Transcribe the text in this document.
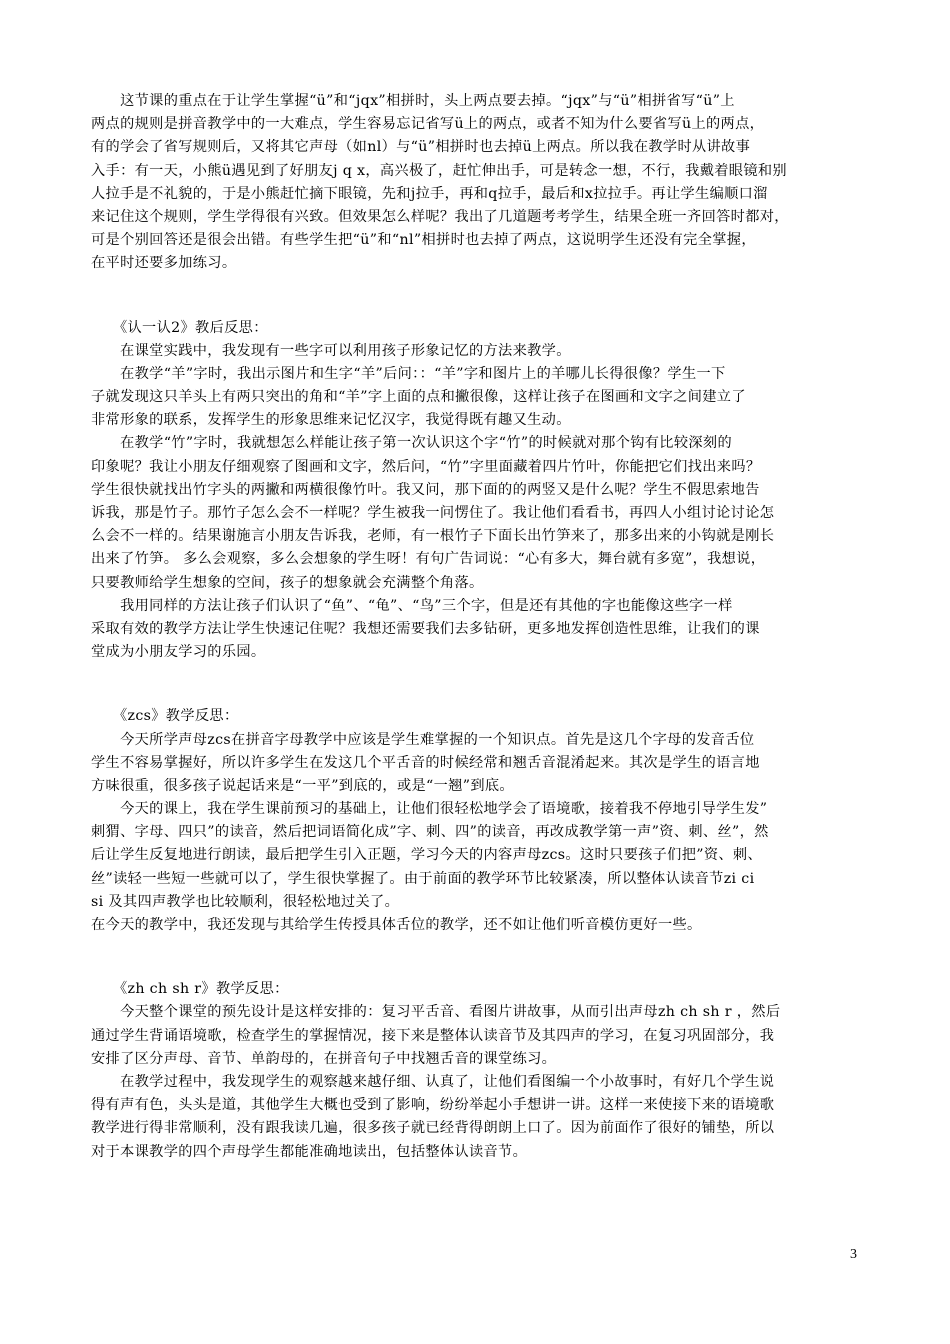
　　这节课的重点在于让学生掌握“ü”和“jqx”相拼时，头上两点要去掉。“jqx”与“ü”相拼省写“ü”上
两点的规则是拼音教学中的一大难点，学生容易忘记省写ü上的两点，或者不知为什么要省写ü上的两点，
有的学会了省写规则后，又将其它声母（如nl）与“ü”相拼时也去掉ü上两点。所以我在教学时从讲故事
入手：有一天，小熊ü遇见到了好朋友j q x，高兴极了，赶忙伸出手，可是转念一想，不行，我戴着眼镜和别
人拉手是不礼貌的，于是小熊赶忙摘下眼镜，先和j拉手，再和q拉手，最后和x拉拉手。再让学生编顺口溜
来记住这个规则，学生学得很有兴致。但效果怎么样呢？我出了几道题考考学生，结果全班一齐回答时都对，
可是个别回答还是很会出错。有些学生把“ü”和“nl”相拼时也去掉了两点，这说明学生还没有完全掌握，
在平时还要多加练习。
　　《认一认2》教后反思：
　　在课堂实践中，我发现有一些字可以利用孩子形象记忆的方法来教学。
　　在教学“羊”字时，我出示图片和生字“羊”后问：：“羊”字和图片上的羊哪儿长得很像？学生一下
子就发现这只羊头上有两只突出的角和“羊”字上面的点和撇很像，这样让孩子在图画和文字之间建立了
非常形象的联系，发挥学生的形象思维来记忆汉字，我觉得既有趣又生动。
　　在教学“竹”字时，我就想怎么样能让孩子第一次认识这个字“竹”的时候就对那个钩有比较深刻的
印象呢？我让小朋友仔细观察了图画和文字，然后问，“竹”字里面藏着四片竹叶，你能把它们找出来吗？
学生很快就找出竹字头的两撇和两横很像竹叶。我又问，那下面的的两竖又是什么呢？学生不假思索地告
诉我，那是竹子。那竹子怎么会不一样呢？学生被我一问愣住了。我让他们看看书，再四人小组讨论讨论怎
么会不一样的。结果谢施言小朋友告诉我，老师，有一根竹子下面长出竹笋来了，那多出来的小钩就是刚长
出来了竹笋。 多么会观察，多么会想象的学生呀！有句广告词说：“心有多大，舞台就有多宽”，我想说，
只要教师给学生想象的空间，孩子的想象就会充满整个角落。
　　我用同样的方法让孩子们认识了“鱼”、“龟”、“鸟”三个字，但是还有其他的字也能像这些字一样
采取有效的教学方法让学生快速记住呢？我想还需要我们去多钻研，更多地发挥创造性思维，让我们的课
堂成为小朋友学习的乐园。
　　《zcs》教学反思：
　　今天所学声母zcs在拼音字母教学中应该是学生难掌握的一个知识点。首先是这几个字母的发音舌位
学生不容易掌握好，所以许多学生在发这几个平舌音的时候经常和翘舌音混淆起来。其次是学生的语言地
方味很重，很多孩子说起话来是“一平”到底的，或是“一翘”到底。
　　今天的课上，我在学生课前预习的基础上，让他们很轻松地学会了语境歌，接着我不停地引导学生发”
刺猬、字母、四只”的读音，然后把词语简化成”字、刺、四”的读音，再改成教学第一声”资、刺、丝”，然
后让学生反复地进行朗读，最后把学生引入正题，学习今天的内容声母zcs。这时只要孩子们把”资、刺、
丝”读轻一些短一些就可以了，学生很快掌握了。由于前面的教学环节比较紧凑，所以整体认读音节zi ci
si 及其四声教学也比较顺利，很轻松地过关了。
在今天的教学中，我还发现与其给学生传授具体舌位的教学，还不如让他们听音模仿更好一些。
　　《zh ch sh r》教学反思：
　　今天整个课堂的预先设计是这样安排的：复习平舌音、看图片讲故事，从而引出声母zh ch sh r ，然后
通过学生背诵语境歌，检查学生的掌握情况，接下来是整体认读音节及其四声的学习，在复习巩固部分，我
安排了区分声母、音节、单韵母的，在拼音句子中找翘舌音的课堂练习。
　　在教学过程中，我发现学生的观察越来越仔细、认真了，让他们看图编一个小故事时，有好几个学生说
得有声有色，头头是道，其他学生大概也受到了影响，纷纷举起小手想讲一讲。这样一来使接下来的语境歌
教学进行得非常顺利，没有跟我读几遍，很多孩子就已经背得朗朗上口了。因为前面作了很好的铺垫，所以
对于本课教学的四个声母学生都能准确地读出，包括整体认读音节。
3
